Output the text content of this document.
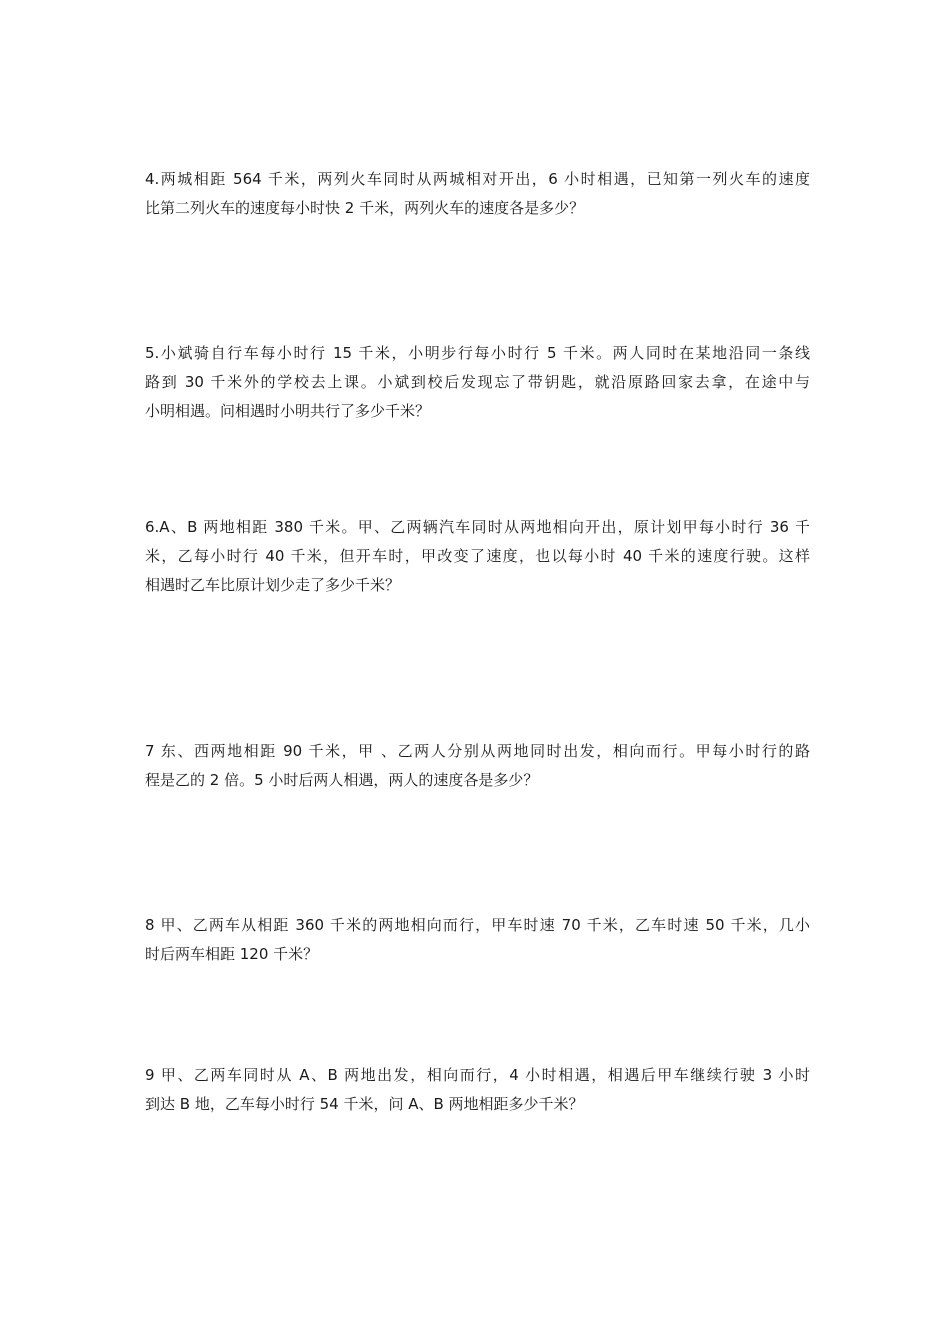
4.两城相距 564 千米，两列火车同时从两城相对开出，6 小时相遇，已知第一列火车的速度
比第二列火车的速度每小时快 2 千米，两列火车的速度各是多少？
5.小斌骑自行车每小时行 15 千米，小明步行每小时行 5 千米。两人同时在某地沿同一条线
路到 30 千米外的学校去上课。小斌到校后发现忘了带钥匙，就沿原路回家去拿，在途中与
小明相遇。问相遇时小明共行了多少千米？
6.A、B 两地相距 380 千米。甲、乙两辆汽车同时从两地相向开出，原计划甲每小时行 36 千
米，乙每小时行 40 千米，但开车时，甲改变了速度，也以每小时 40 千米的速度行驶。这样
相遇时乙车比原计划少走了多少千米？
7 东、西两地相距 90 千米，甲 、乙两人分别从两地同时出发，相向而行。甲每小时行的路
程是乙的 2 倍。5 小时后两人相遇，两人的速度各是多少？
8 甲、乙两车从相距 360 千米的两地相向而行，甲车时速 70 千米，乙车时速 50 千米，几小
时后两车相距 120 千米？
9 甲、乙两车同时从 A、B 两地出发，相向而行，4 小时相遇，相遇后甲车继续行驶 3 小时
到达 B 地，乙车每小时行 54 千米，问 A、B 两地相距多少千米？
